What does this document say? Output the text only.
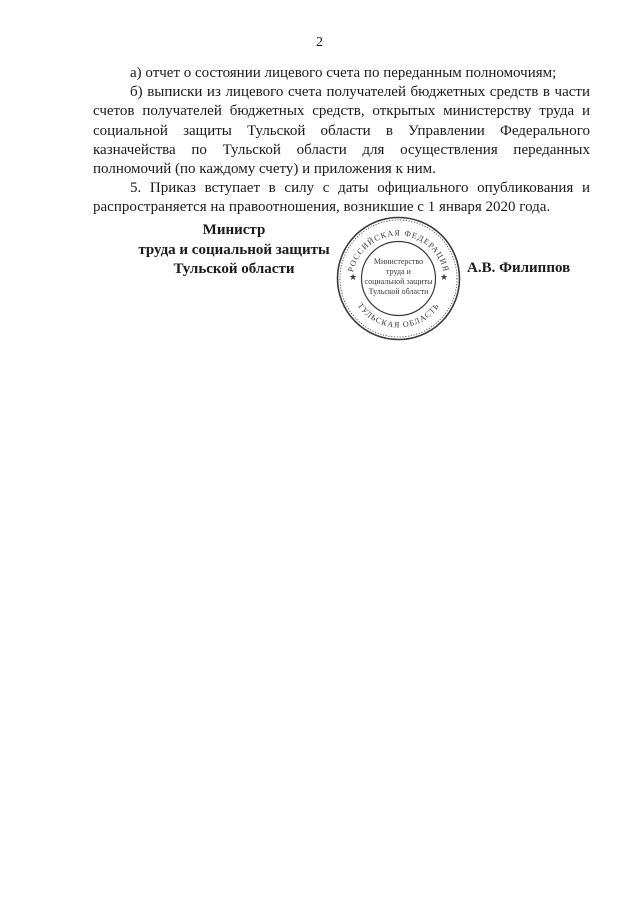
2

а) отчет о состоянии лицевого счета по переданным полномочиям;

б) выписки из лицевого счета получателей бюджетных средств в части счетов получателей бюджетных средств, открытых министерству труда и социальной защиты Тульской области в Управлении Федерального казначейства по Тульской области для осуществления переданных полномочий (по каждому счету) и приложения к ним.

5. Приказ вступает в силу с даты официального опубликования и распространяется на правоотношения, возникшие с 1 января 2020 года.

Министр
труда и социальной защиты
Тульской области	РОССИЙСКАЯ ФЕДЕРАЦИЯ
ТУЛЬСКАЯ ОБЛАСТЬ
★	★
Министерство
труда и
социальной защиты
Тульской области
А.В. Филиппов
